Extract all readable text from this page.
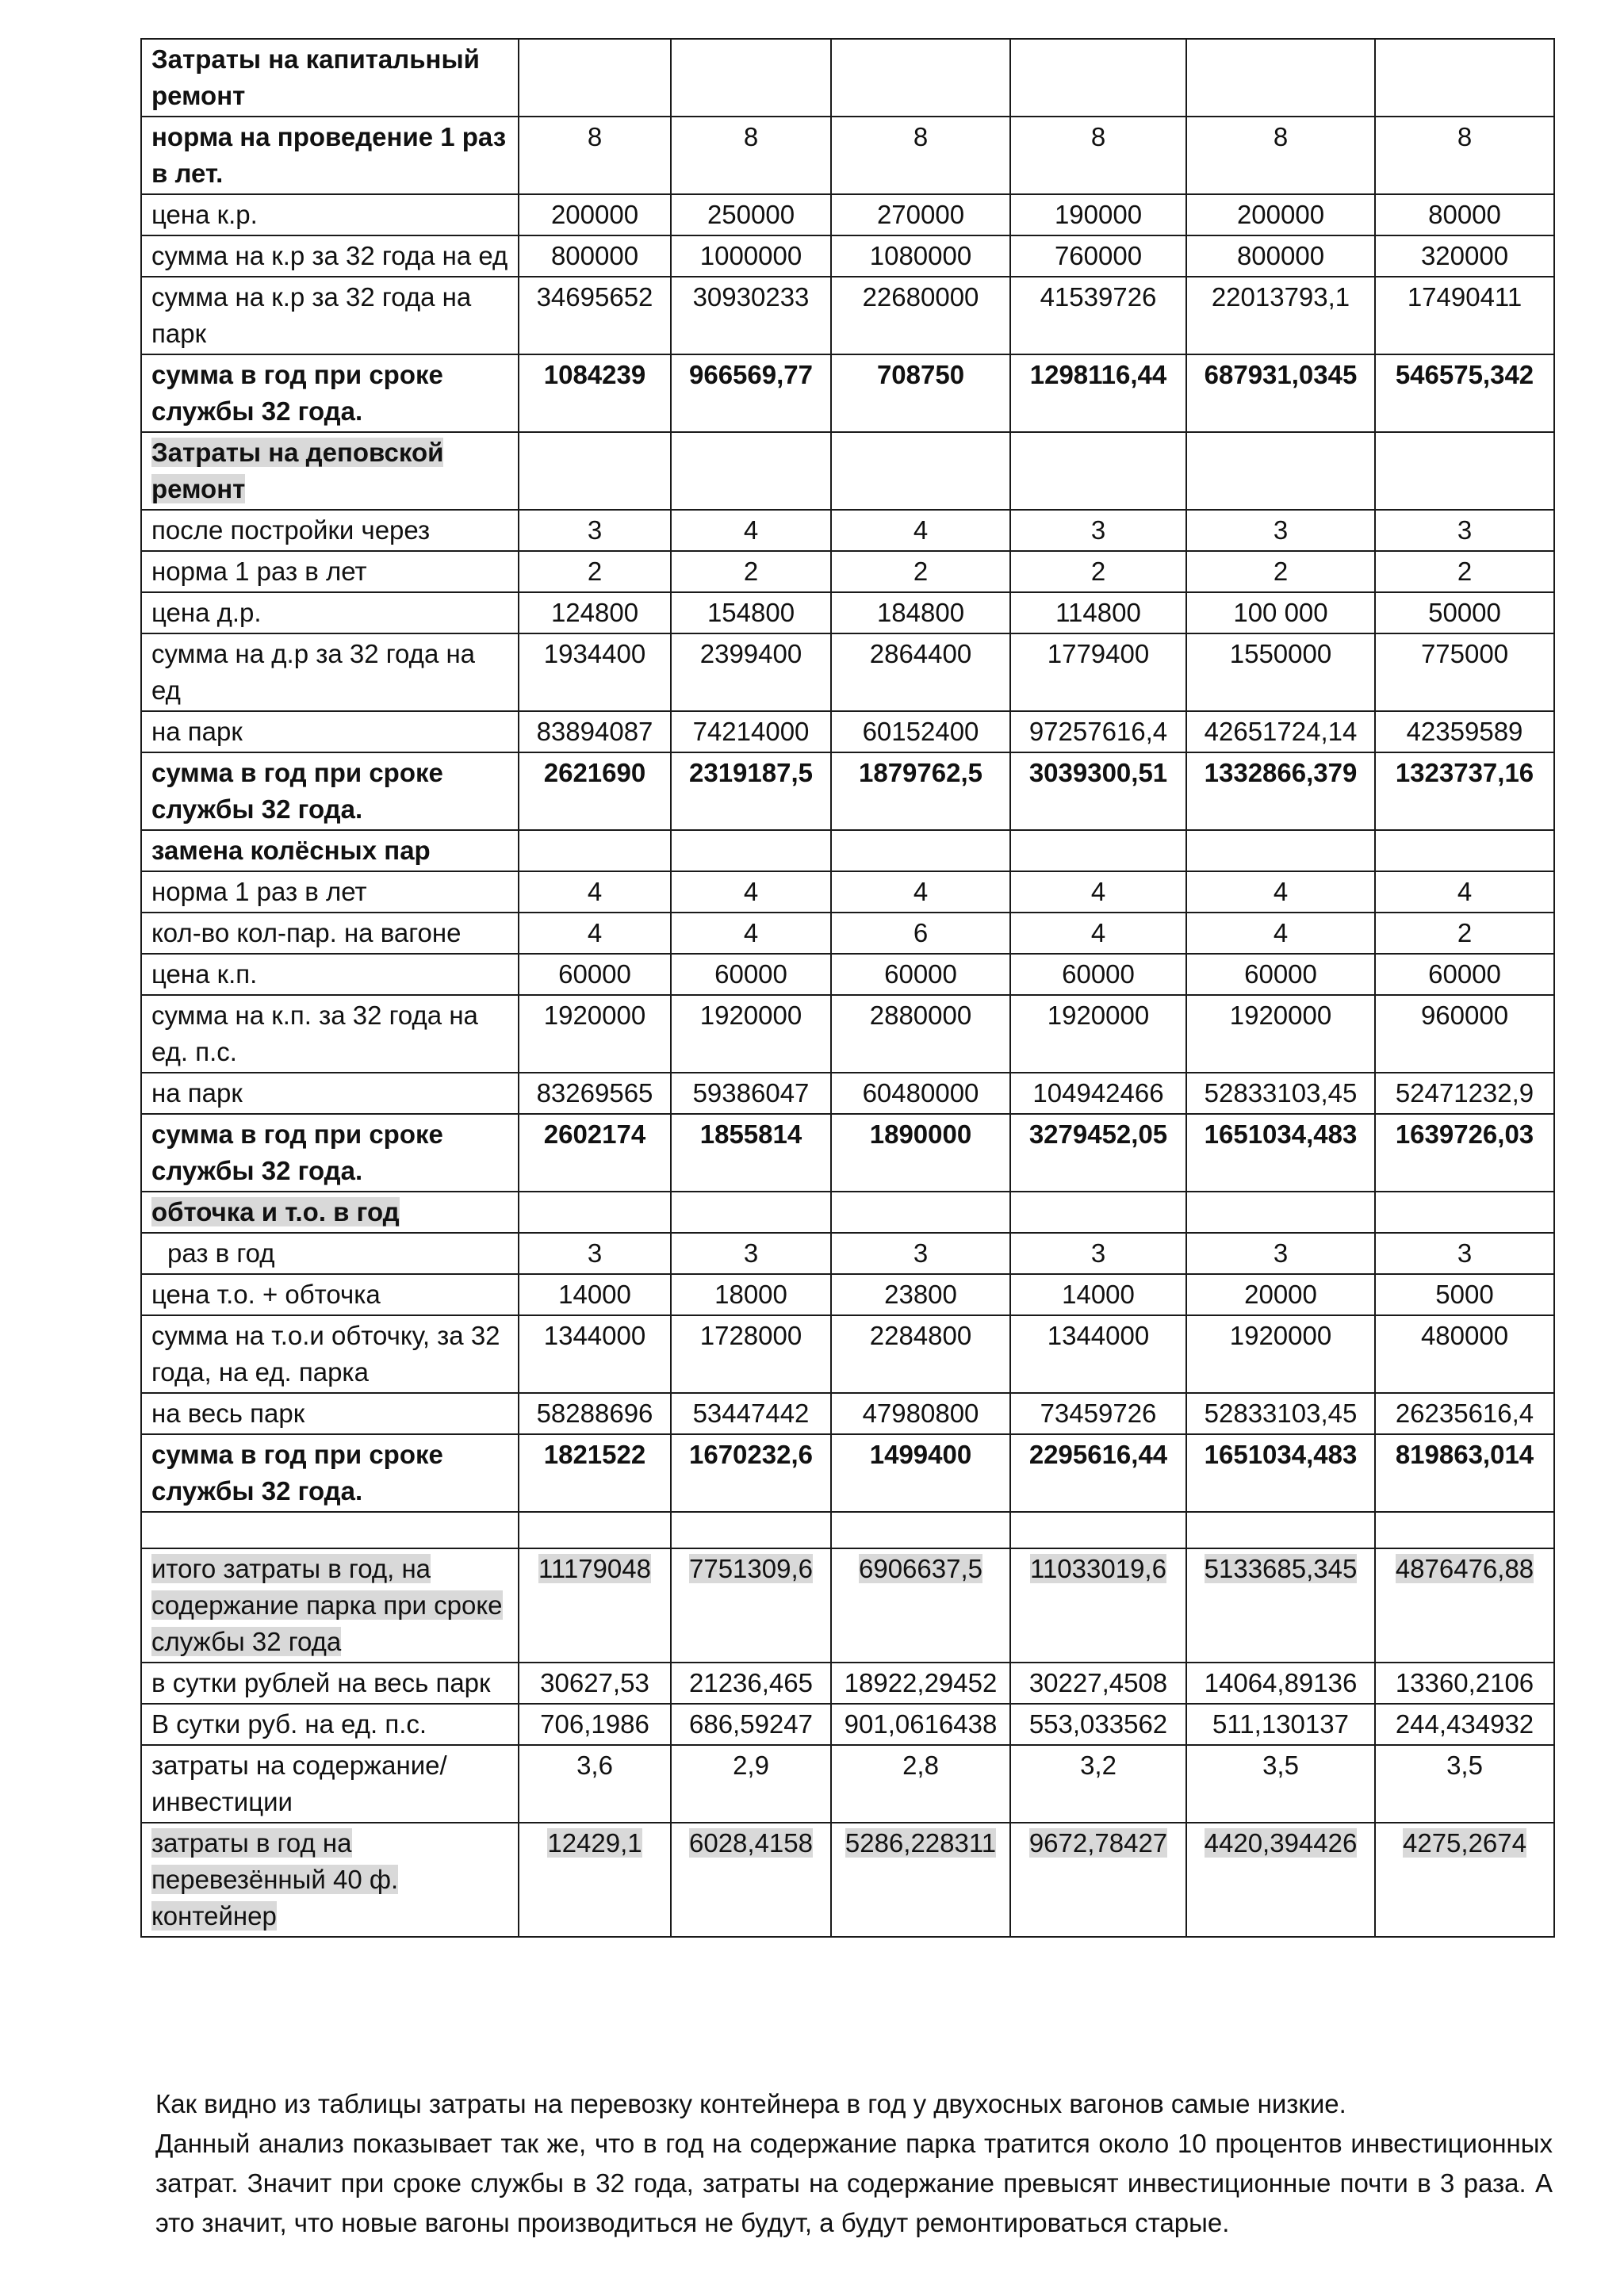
Затраты на капитальный ремонт						
норма на проведение 1 раз в лет.	8	8	8	8	8	8
цена к.р.	200000	250000	270000	190000	200000	80000
сумма на к.р за 32 года на ед	800000	1000000	1080000	760000	800000	320000
сумма на к.р за 32 года на парк	34695652	30930233	22680000	41539726	22013793,1	17490411
сумма в год при сроке службы 32 года.	1084239	966569,77	708750	1298116,44	687931,0345	546575,342
Затраты на деповской ремонт						
после постройки через	3	4	4	3	3	3
норма 1 раз в лет	2	2	2	2	2	2
цена д.р.	124800	154800	184800	114800	100 000	50000
сумма на д.р за 32 года на ед	1934400	2399400	2864400	1779400	1550000	775000
на парк	83894087	74214000	60152400	97257616,4	42651724,14	42359589
сумма в год при сроке службы 32 года.	2621690	2319187,5	1879762,5	3039300,51	1332866,379	1323737,16
замена колёсных пар						
норма 1 раз в лет	4	4	4	4	4	4
кол-во кол-пар. на вагоне	4	4	6	4	4	2
цена к.п.	60000	60000	60000	60000	60000	60000
сумма на к.п. за 32 года на ед. п.с.	1920000	1920000	2880000	1920000	1920000	960000
на парк	83269565	59386047	60480000	104942466	52833103,45	52471232,9
сумма в год при сроке службы 32 года.	2602174	1855814	1890000	3279452,05	1651034,483	1639726,03
обточка и т.о. в год						
раз в год	3	3	3	3	3	3
цена т.о. + обточка	14000	18000	23800	14000	20000	5000
сумма на т.о.и обточку, за 32 года, на ед. парка	1344000	1728000	2284800	1344000	1920000	480000
на весь парк	58288696	53447442	47980800	73459726	52833103,45	26235616,4
сумма в год при сроке службы 32 года.	1821522	1670232,6	1499400	2295616,44	1651034,483	819863,014

итого затраты в год, на содержание парка при сроке службы 32 года	11179048	7751309,6	6906637,5	11033019,6	5133685,345	4876476,88
в сутки рублей на весь парк	30627,53	21236,465	18922,29452	30227,4508	14064,89136	13360,2106
В сутки руб. на ед. п.с.	706,1986	686,59247	901,0616438	553,033562	511,130137	244,434932
затраты на содержание/инвестиции	3,6	2,9	2,8	3,2	3,5	3,5
затраты в год на перевезённый 40 ф. контейнер	12429,1	6028,4158	5286,228311	9672,78427	4420,394426	4275,2674

Как видно из таблицы затраты на перевозку контейнера в год у двухосных вагонов самые низкие.

Данный анализ показывает так же, что в год на содержание парка тратится около 10 процентов инвестиционных затрат. Значит при сроке службы в 32 года, затраты на содержание превысят инвестиционные почти в 3 раза. А это значит, что новые вагоны производиться не будут, а будут ремонтироваться старые.
